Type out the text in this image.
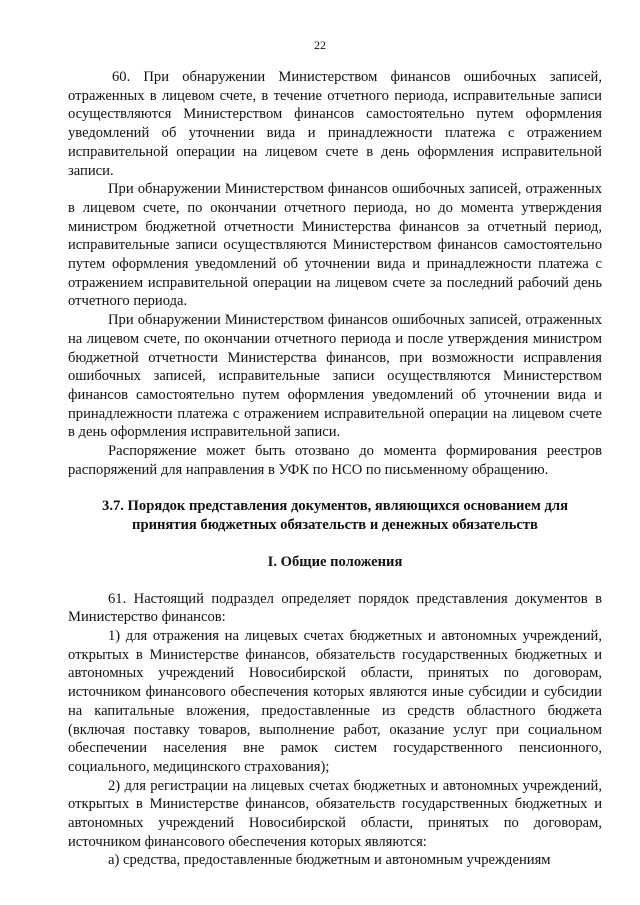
22

60. При обнаружении Министерством финансов ошибочных записей, отраженных в лицевом счете, в течение отчетного периода, исправительные записи осуществляются Министерством финансов самостоятельно путем оформления уведомлений об уточнении вида и принадлежности платежа с отражением исправительной операции на лицевом счете в день оформления исправительной записи.

При обнаружении Министерством финансов ошибочных записей, отраженных в лицевом счете, по окончании отчетного периода, но до момента утверждения министром бюджетной отчетности Министерства финансов за отчетный период, исправительные записи осуществляются Министерством финансов самостоятельно путем оформления уведомлений об уточнении вида и принадлежности платежа с отражением исправительной операции на лицевом счете за последний рабочий день отчетного периода.

При обнаружении Министерством финансов ошибочных записей, отраженных на лицевом счете, по окончании отчетного периода и после утверждения министром бюджетной отчетности Министерства финансов, при возможности исправления ошибочных записей, исправительные записи осуществляются Министерством финансов самостоятельно путем оформления уведомлений об уточнении вида и принадлежности платежа с отражением исправительной операции на лицевом счете в день оформления исправительной записи.

Распоряжение может быть отозвано до момента формирования реестров распоряжений для направления в УФК по НСО по письменному обращению.

3.7. Порядок представления документов, являющихся основанием для принятия бюджетных обязательств и денежных обязательств
I. Общие положения

61. Настоящий подраздел определяет порядок представления документов в Министерство финансов:

1) для отражения на лицевых счетах бюджетных и автономных учреждений, открытых в Министерстве финансов, обязательств государственных бюджетных и автономных учреждений Новосибирской области, принятых по договорам, источником финансового обеспечения которых являются иные субсидии и субсидии на капитальные вложения, предоставленные из средств областного бюджета (включая поставку товаров, выполнение работ, оказание услуг при социальном обеспечении населения вне рамок систем государственного пенсионного, социального, медицинского страхования);

2) для регистрации на лицевых счетах бюджетных и автономных учреждений, открытых в Министерстве финансов, обязательств государственных бюджетных и автономных учреждений Новосибирской области, принятых по договорам, источником финансового обеспечения которых являются:

а) средства, предоставленные бюджетным и автономным учреждениям
